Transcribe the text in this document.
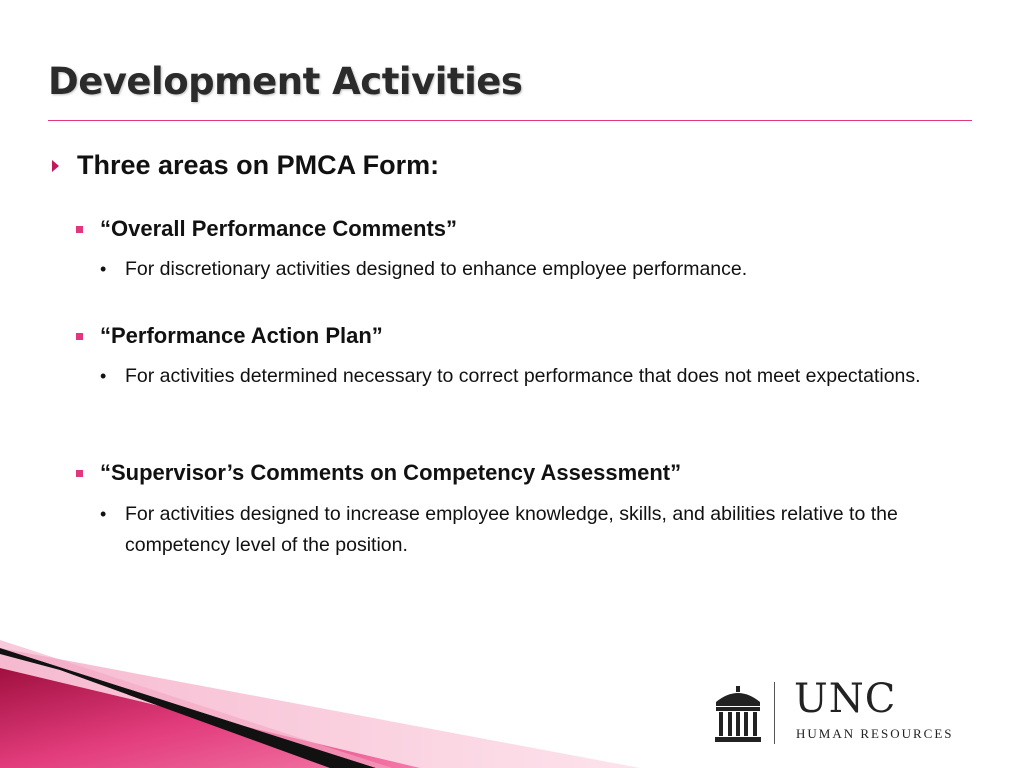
Development Activities
Three areas on PMCA Form:
“Overall Performance Comments”
• For discretionary activities designed to enhance employee performance.
“Performance Action Plan”
• For activities determined necessary to correct performance that does not meet expectations.
“Supervisor’s Comments on Competency Assessment”
• For activities designed to increase employee knowledge, skills, and abilities relative to the competency level of the position.
UNC
HUMAN RESOURCES
